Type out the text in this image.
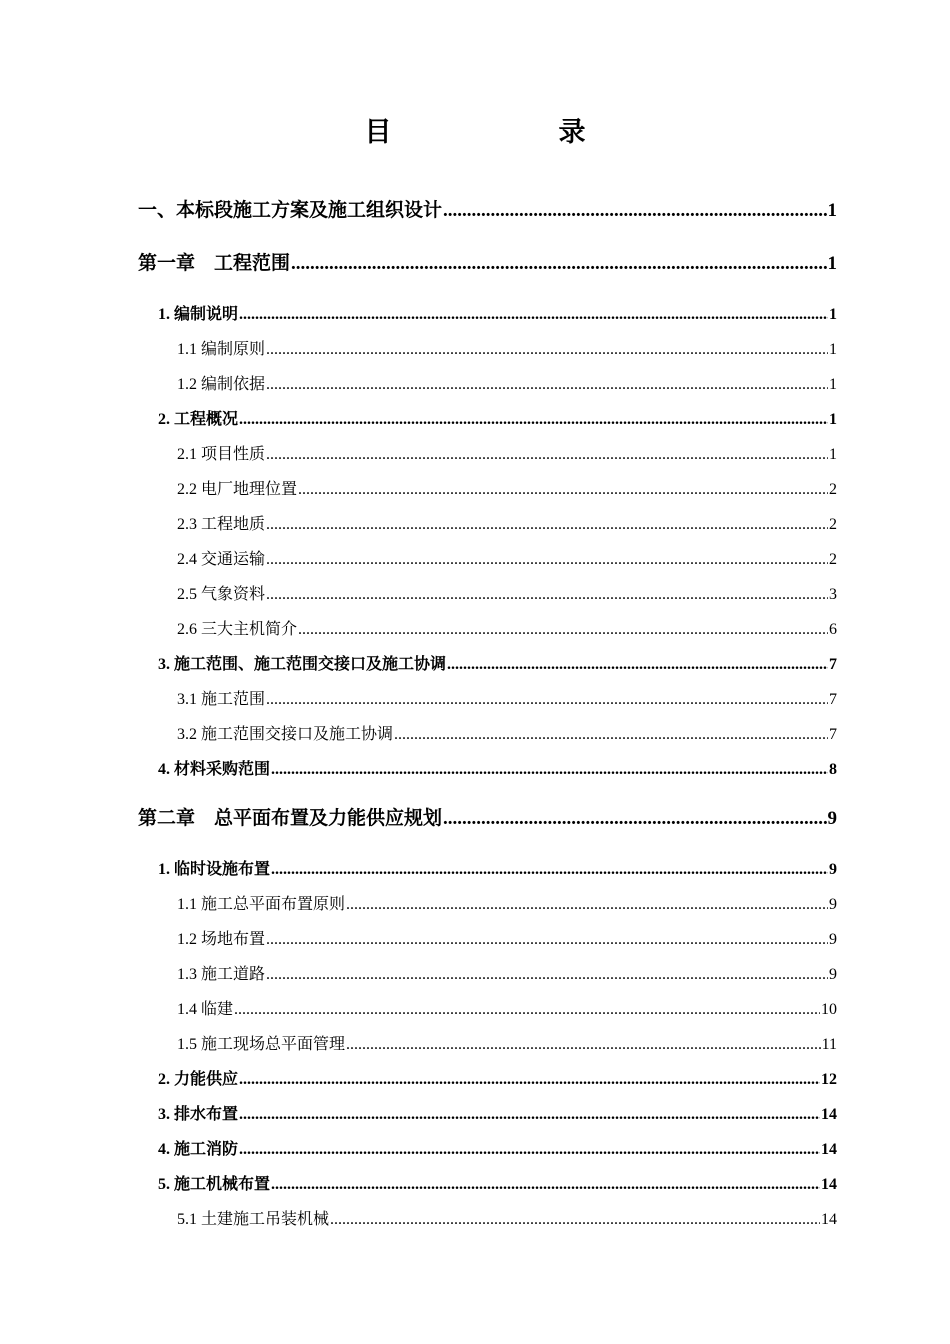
目　录
一、本标段施工方案及施工组织设计 .....	1
第一章　工程范围 .....	1
1. 编制说明 .....	1
1.1 编制原则 .....	1
1.2 编制依据 .....	1
2. 工程概况 .....	1
2.1 项目性质 .....	1
2.2 电厂地理位置 .....	2
2.3 工程地质 .....	2
2.4 交通运输 .....	2
2.5 气象资料 .....	3
2.6 三大主机简介 .....	6
3. 施工范围、施工范围交接口及施工协调 .....	7
3.1 施工范围 .....	7
3.2 施工范围交接口及施工协调 .....	7
4. 材料采购范围 .....	8
第二章　总平面布置及力能供应规划 .....	9
1. 临时设施布置 .....	9
1.1 施工总平面布置原则 .....	9
1.2 场地布置 .....	9
1.3 施工道路 .....	9
1.4 临建 .....	10
1.5 施工现场总平面管理 .....	11
2. 力能供应 .....	12
3. 排水布置 .....	14
4. 施工消防 .....	14
5. 施工机械布置 .....	14
5.1 土建施工吊装机械 .....	14
